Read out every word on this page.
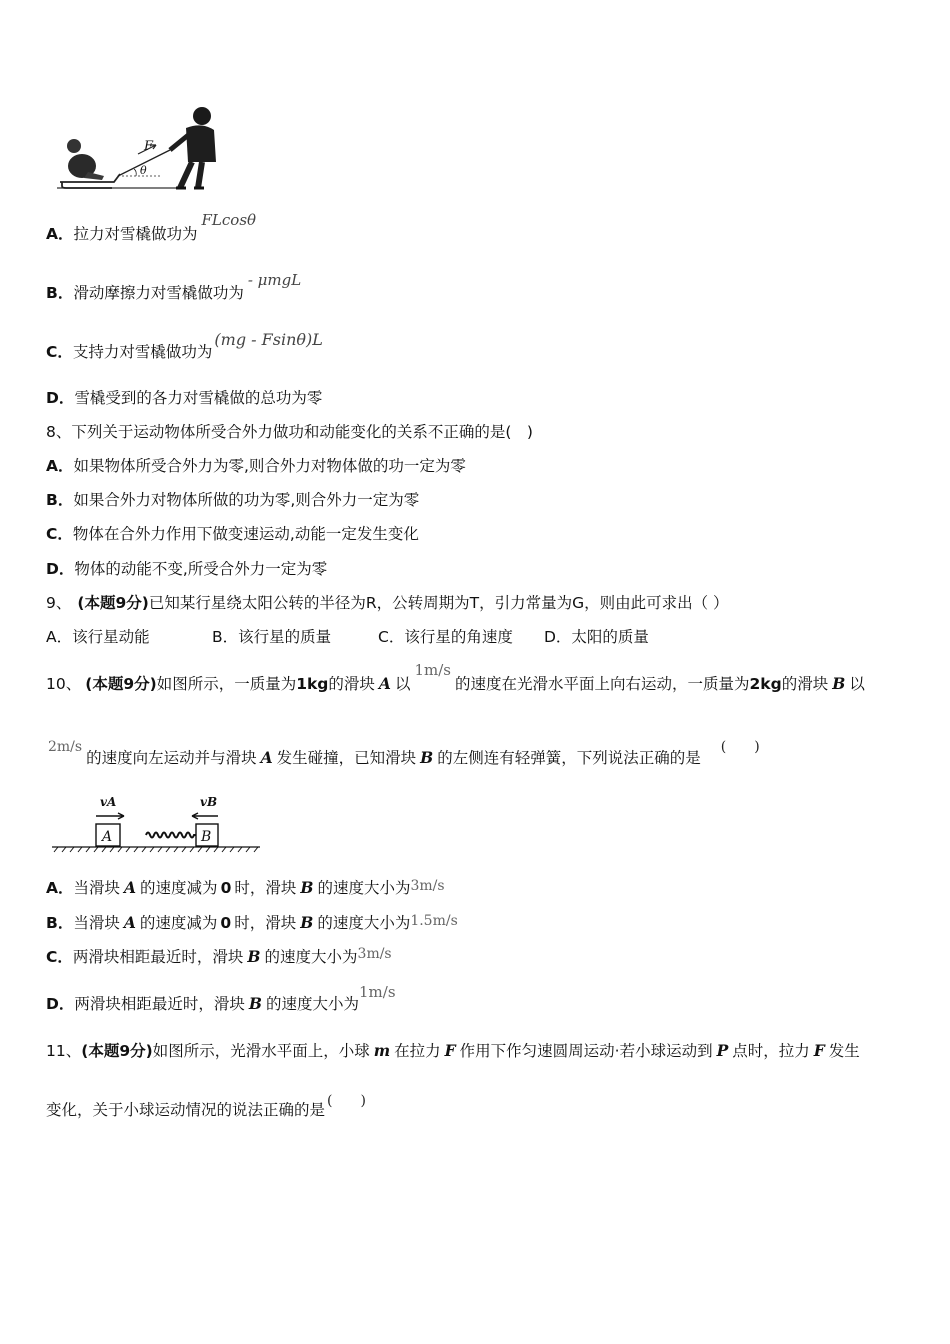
F
θ
A．拉力对雪橇做功为FLcosθ
B．滑动摩擦力对雪橇做功为- μmgL
C．支持力对雪橇做功为(mg - Fsinθ)L
D．雪橇受到的各力对雪橇做的总功为零
8、下列关于运动物体所受合外力做功和动能变化的关系不正确的是(　)
A．如果物体所受合外力为零,则合外力对物体做的功一定为零
B．如果合外力对物体所做的功为零,则合外力一定为零
C．物体在合外力作用下做变速运动,动能一定发生变化
D．物体的动能不变,所受合外力一定为零
9、 (本题9分)已知某行星绕太阳公转的半径为R，公转周期为T，引力常量为G，则由此可求出（ ）
A．该行星动能	B．该行星的质量	C．该行星的角速度 D．太阳的质量
10、 (本题9分)如图所示，一质量为1kg的滑块 A 以1m/s的速度在光滑水平面上向右运动，一质量为2kg的滑块 B 以
2m/s的速度向左运动并与滑块 A 发生碰撞，已知滑块 B 的左侧连有轻弹簧，下列说法正确的是(　　)
vA	vB
A	B
A．当滑块 A 的速度减为 0 时，滑块 B 的速度大小为3m/s
B．当滑块 A 的速度减为 0 时，滑块 B 的速度大小为1.5m/s
C．两滑块相距最近时，滑块 B 的速度大小为3m/s
D．两滑块相距最近时，滑块 B 的速度大小为1m/s
11、(本题9分)如图所示，光滑水平面上，小球 m 在拉力 F 作用下作匀速圆周运动·若小球运动到 P 点时，拉力 F 发生
变化，关于小球运动情况的说法正确的是 (　　)
